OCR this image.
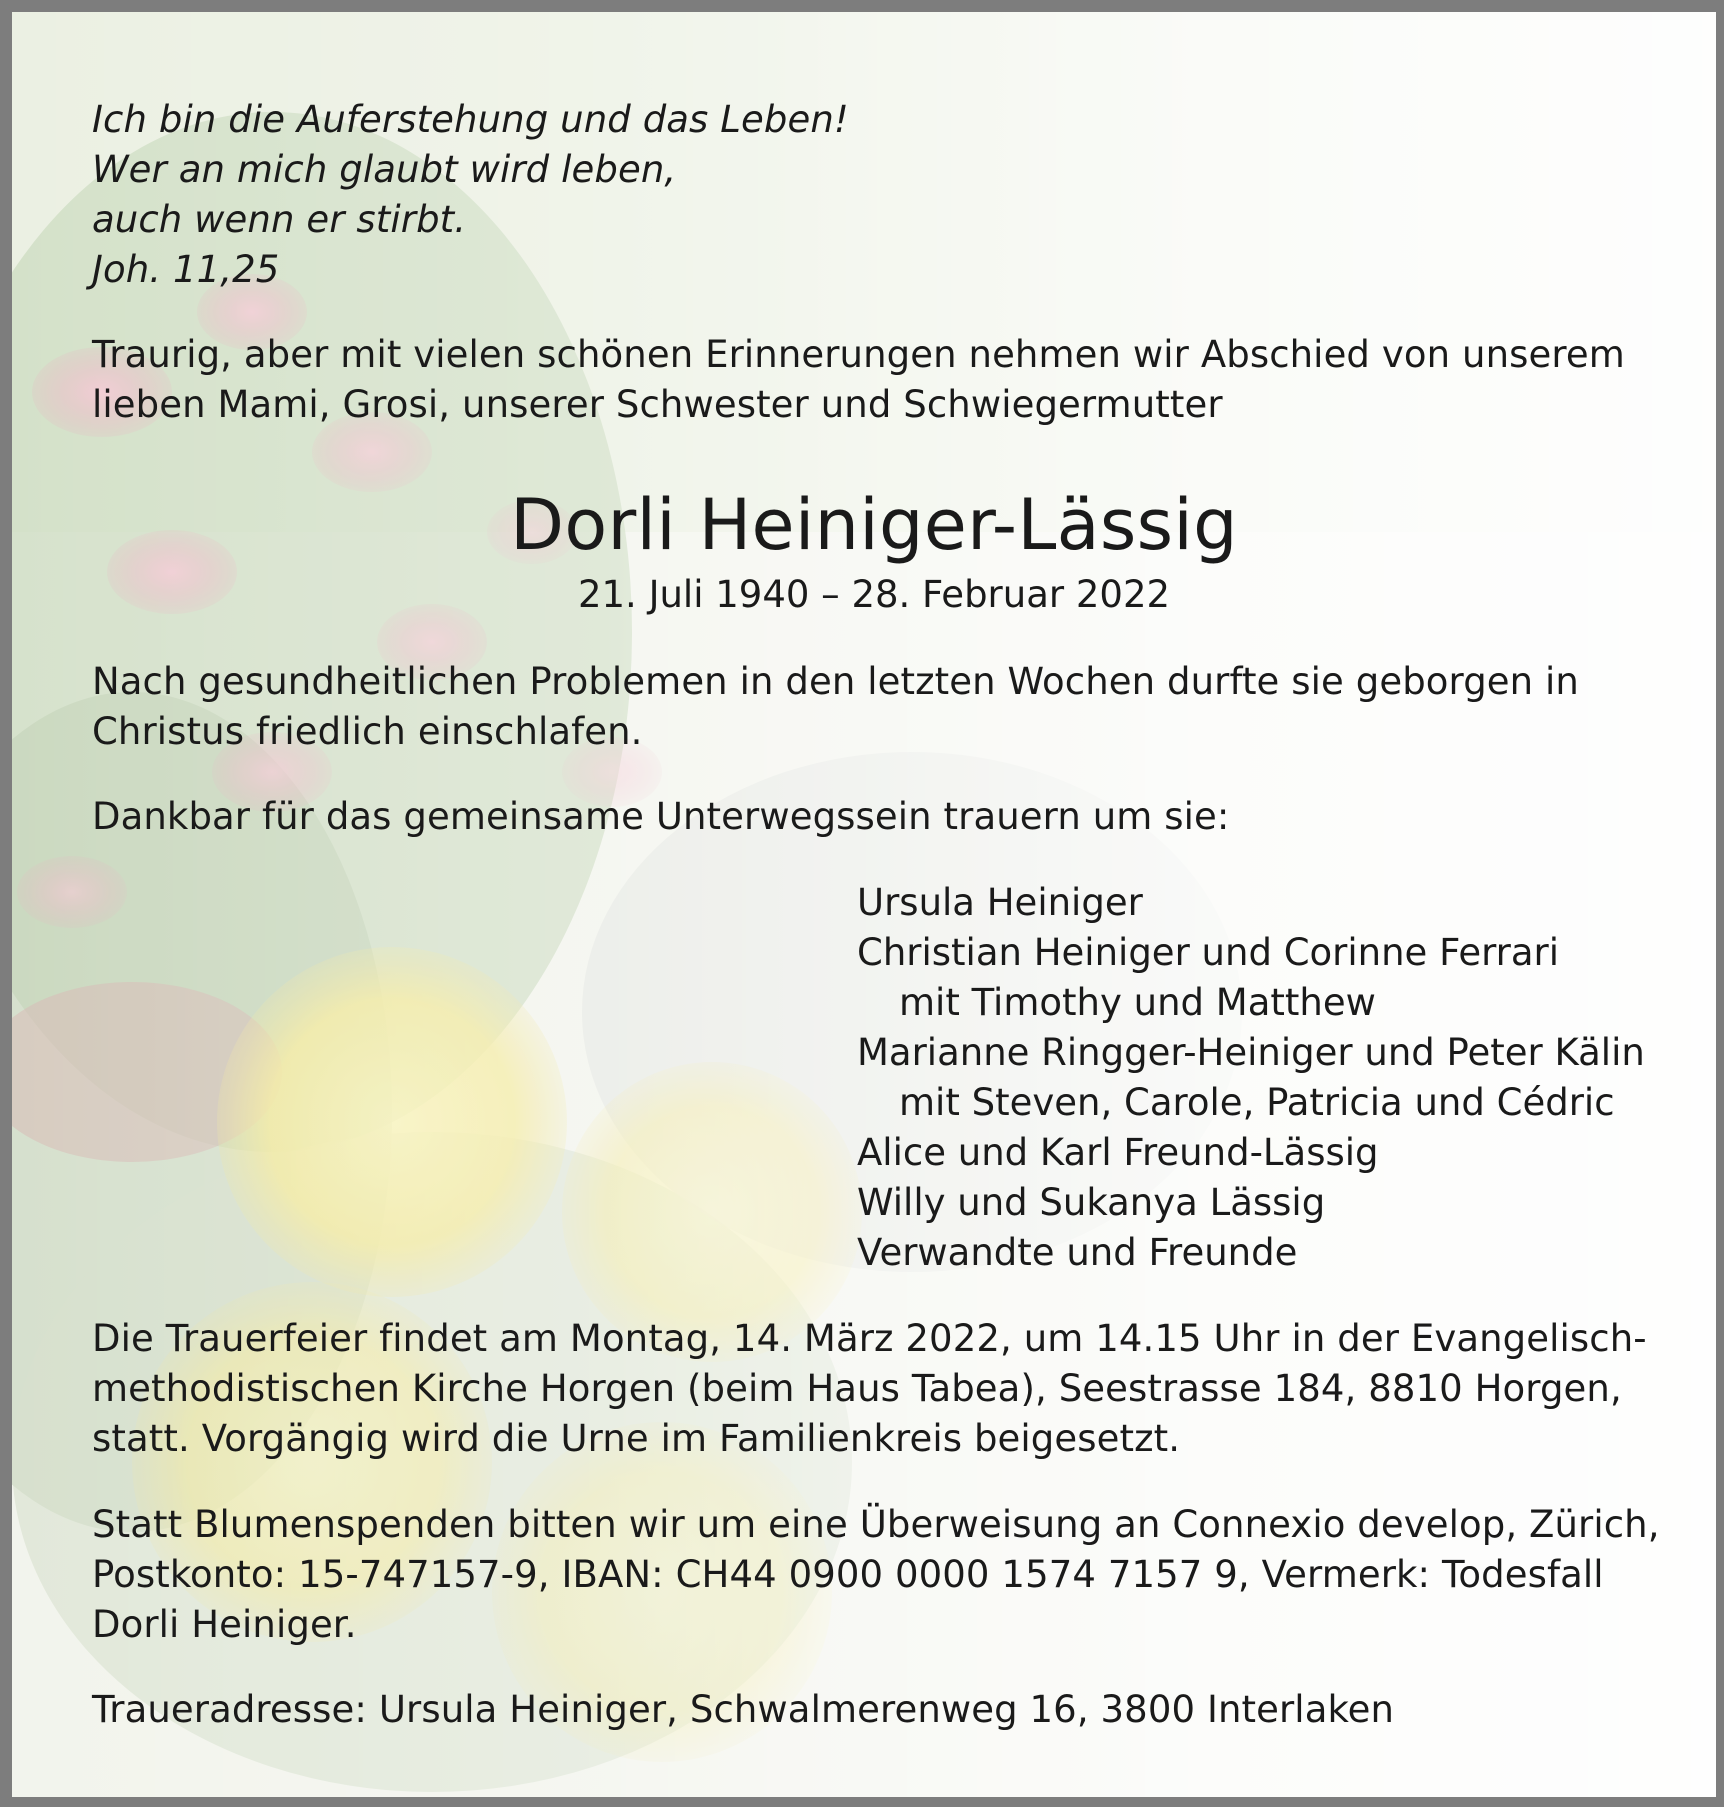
Ich bin die Auferstehung und das Leben!
Wer an mich glaubt wird leben,
auch wenn er stirbt.
Joh. 11,25

Traurig, aber mit vielen schönen Erinnerungen nehmen wir Abschied von unserem
lieben Mami, Grosi, unserer Schwester und Schwiegermutter

Dorli Heiniger-Lässig
21. Juli 1940 – 28. Februar 2022

Nach gesundheitlichen Problemen in den letzten Wochen durfte sie geborgen in
Christus friedlich einschlafen.

Dankbar für das gemeinsame Unterwegssein trauern um sie:

Ursula Heiniger
Christian Heiniger und Corinne Ferrari
mit Timothy und Matthew
Marianne Ringger-Heiniger und Peter Kälin
mit Steven, Carole, Patricia und Cédric
Alice und Karl Freund-Lässig
Willy und Sukanya Lässig
Verwandte und Freunde

Die Trauerfeier findet am Montag, 14. März 2022, um 14.15 Uhr in der Evangelisch-
methodistischen Kirche Horgen (beim Haus Tabea), Seestrasse 184, 8810 Horgen,
statt. Vorgängig wird die Urne im Familienkreis beigesetzt.

Statt Blumenspenden bitten wir um eine Überweisung an Connexio develop, Zürich,
Postkonto: 15-747157-9, IBAN: CH44 0900 0000 1574 7157 9, Vermerk: Todesfall
Dorli Heiniger.

Traueradresse: Ursula Heiniger, Schwalmerenweg 16, 3800 Interlaken
